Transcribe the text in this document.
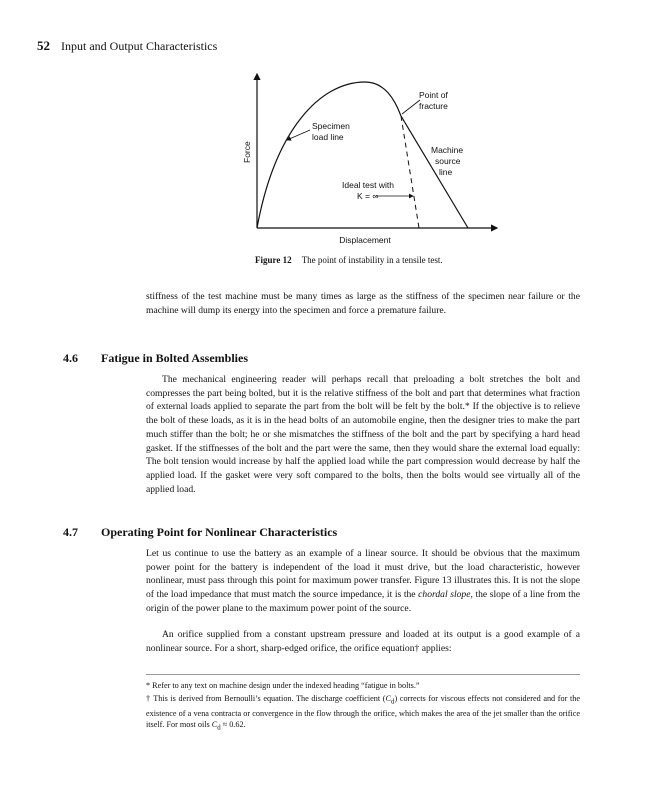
52 Input and Output Characteristics
Force
Displacement
Point of
fracture
Specimen
load line
Machine
source
line
Ideal test with
K = ∞
Figure 12 The point of instability in a tensile test.

stiffness of the test machine must be many times as large as the stiffness of the specimen near failure or the machine will dump its energy into the specimen and force a premature failure.

4.6 Fatigue in Bolted Assemblies

The mechanical engineering reader will perhaps recall that preloading a bolt stretches the bolt and compresses the part being bolted, but it is the relative stiffness of the bolt and part that determines what fraction of external loads applied to separate the part from the bolt will be felt by the bolt.* If the objective is to relieve the bolt of these loads, as it is in the head bolts of an automobile engine, then the designer tries to make the part much stiffer than the bolt; he or she mismatches the stiffness of the bolt and the part by specifying a hard head gasket. If the stiffnesses of the bolt and the part were the same, then they would share the external load equally: The bolt tension would increase by half the applied load while the part compression would decrease by half the applied load. If the gasket were very soft compared to the bolts, then the bolts would see virtually all of the applied load.

4.7 Operating Point for Nonlinear Characteristics

Let us continue to use the battery as an example of a linear source. It should be obvious that the maximum power point for the battery is independent of the load it must drive, but the load characteristic, however nonlinear, must pass through this point for maximum power transfer. Figure 13 illustrates this. It is not the slope of the load impedance that must match the source impedance, it is the chordal slope, the slope of a line from the origin of the power plane to the maximum power point of the source.

An orifice supplied from a constant upstream pressure and loaded at its output is a good example of a nonlinear source. For a short, sharp-edged orifice, the orifice equation† applies:

* Refer to any text on machine design under the indexed heading “fatigue in bolts.”

† This is derived from Bernoulli’s equation. The discharge coefficient $(C_d)$ corrects for viscous effects not considered and for the existence of a vena contracta or convergence in the flow through the orifice, which makes the area of the jet smaller than the orifice itself. For most oils $C_d \approx 0.62$.
